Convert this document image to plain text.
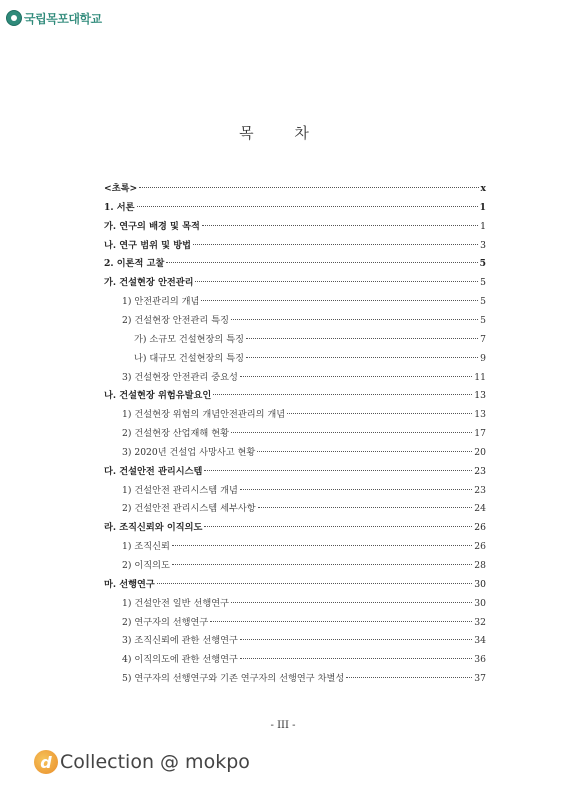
국립목포대학교
목 차
<초록>	x
1. 서론	1
가. 연구의 배경 및 목적	1
나. 연구 범위 및 방법	3
2. 이론적 고찰	5
가. 건설현장 안전관리	5
1) 안전관리의 개념	5
2) 건설현장 안전관리 특징	5
가) 소규모 건설현장의 특징	7
나) 대규모 건설현장의 특징	9
3) 건설현장 안전관리 중요성	11
나. 건설현장 위험유발요인	13
1) 건설현장 위험의 개념안전관리의 개념	13
2) 건설현장 산업재해 현황	17
3) 2020년 건설업 사망사고 현황	20
다. 건설안전 관리시스템	23
1) 건설안전 관리시스템 개념	23
2) 건설안전 관리시스템 세부사항	24
라. 조직신뢰와 이직의도	26
1) 조직신뢰	26
2) 이직의도	28
마. 선행연구	30
1) 건설안전 일반 선행연구	30
2) 연구자의 선행연구	32
3) 조직신뢰에 관한 선행연구	34
4) 이직의도에 관한 선행연구	36
5) 연구자의 선행연구와 기존 연구자의 선행연구 차별성	37
- III -
d Collection @ mokpo
